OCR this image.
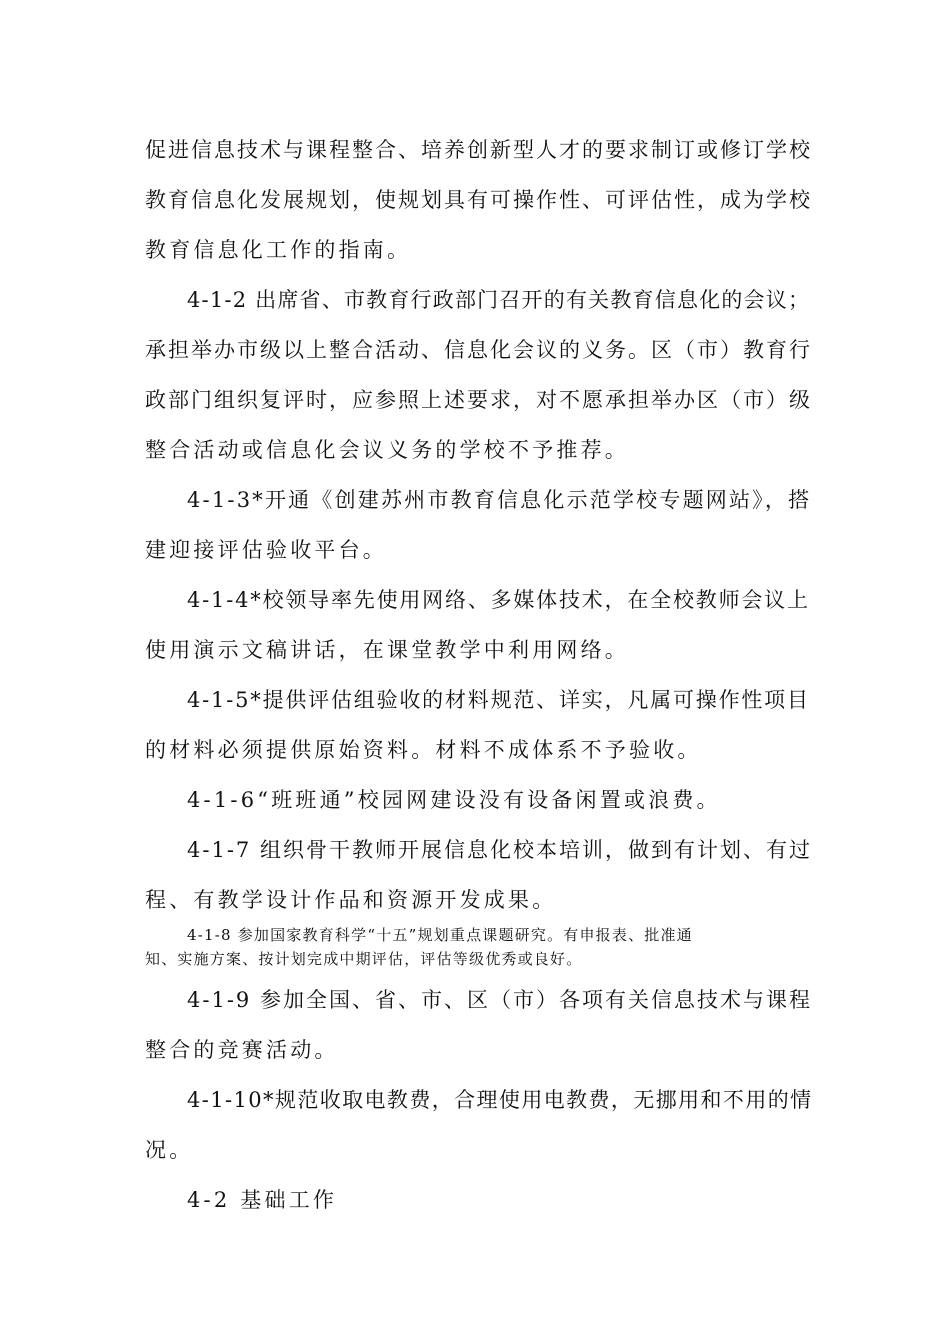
促进信息技术与课程整合、培养创新型人才的要求制订或修订学校
教育信息化发展规划，使规划具有可操作性、可评估性，成为学校
教育信息化工作的指南。
4-1-2 出席省、市教育行政部门召开的有关教育信息化的会议；
承担举办市级以上整合活动、信息化会议的义务。区（市）教育行
政部门组织复评时，应参照上述要求，对不愿承担举办区（市）级
整合活动或信息化会议义务的学校不予推荐。
4-1-3*开通《创建苏州市教育信息化示范学校专题网站》，搭
建迎接评估验收平台。
4-1-4*校领导率先使用网络、多媒体技术，在全校教师会议上
使用演示文稿讲话，在课堂教学中利用网络。
4-1-5*提供评估组验收的材料规范、详实，凡属可操作性项目
的材料必须提供原始资料。材料不成体系不予验收。
4-1-6“班班通”校园网建设没有设备闲置或浪费。
4-1-7 组织骨干教师开展信息化校本培训，做到有计划、有过
程、有教学设计作品和资源开发成果。
4-1-8 参加国家教育科学“十五”规划重点课题研究。有申报表、批准通
知、实施方案、按计划完成中期评估，评估等级优秀或良好。
4-1-9 参加全国、省、市、区（市）各项有关信息技术与课程
整合的竞赛活动。
4-1-10*规范收取电教费，合理使用电教费，无挪用和不用的情
况。
4-2 基础工作
